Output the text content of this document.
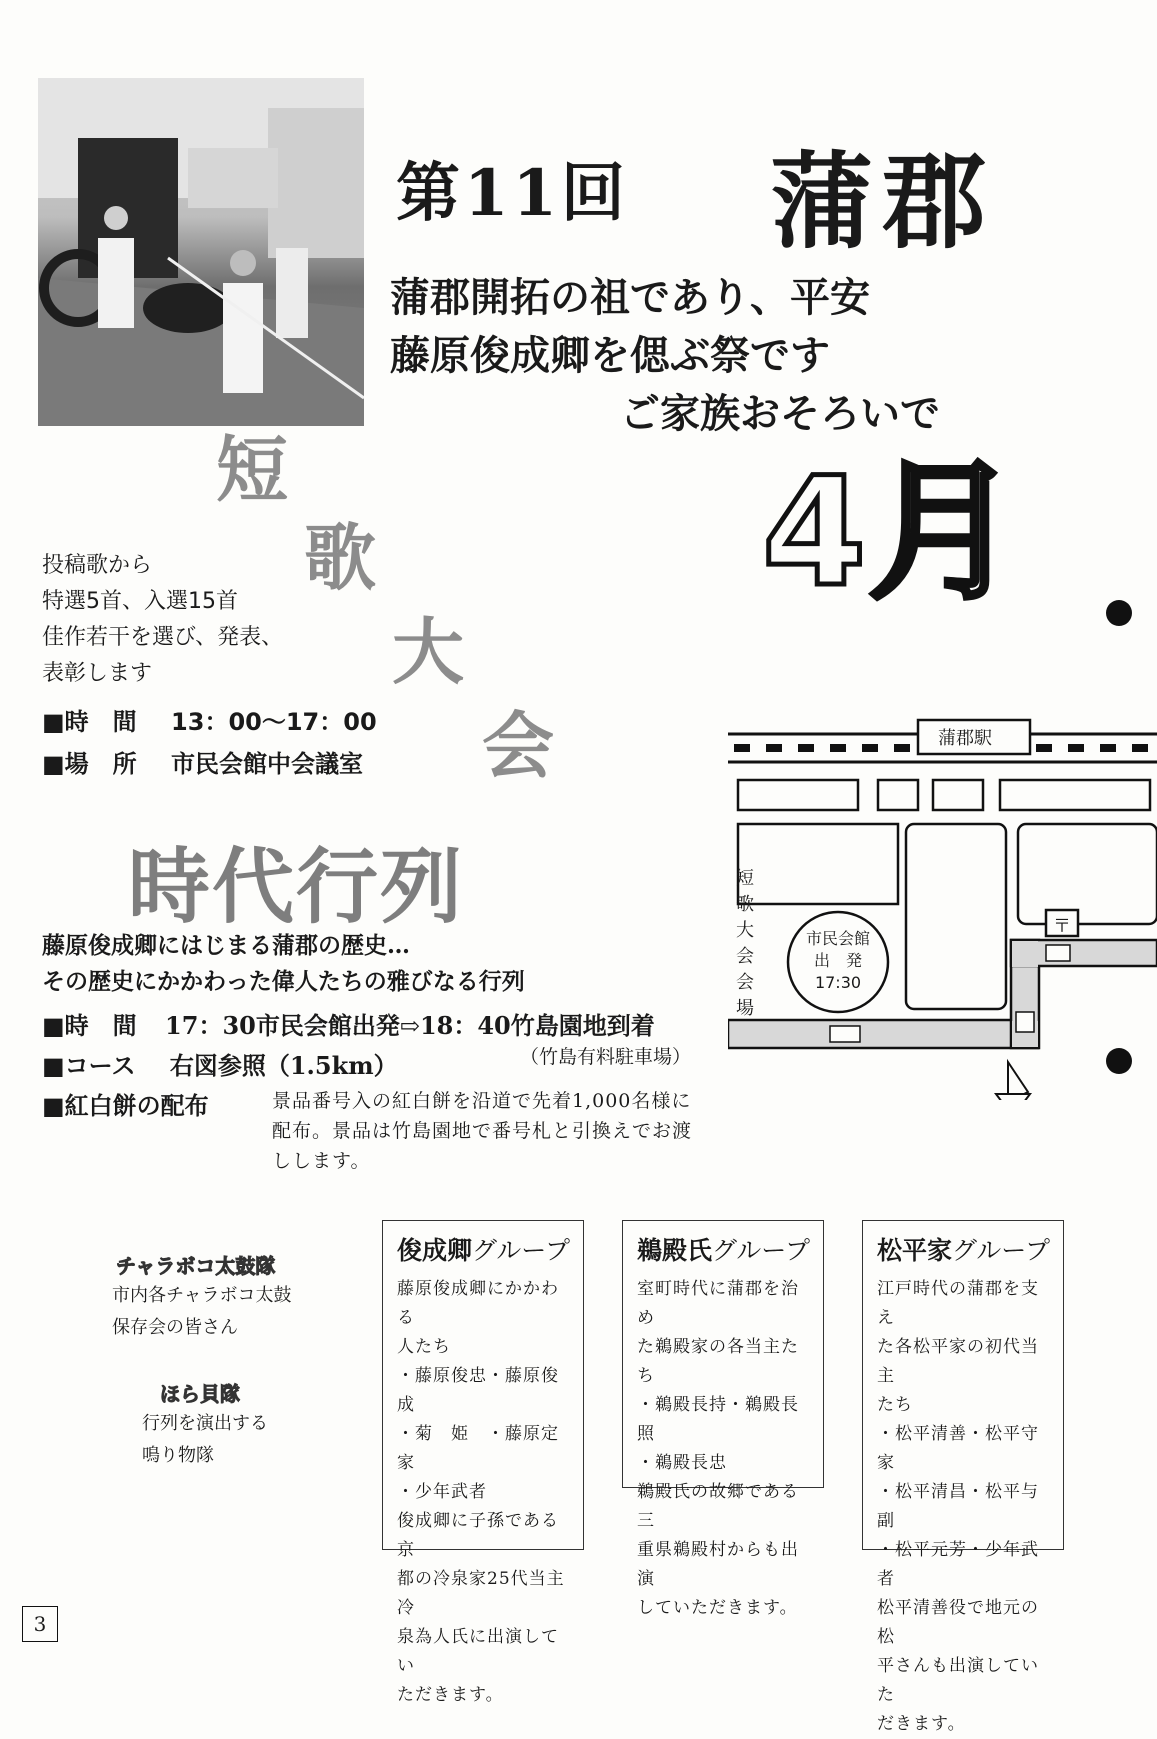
第11回 蒲郡
蒲郡開拓の祖であり、平安
藤原俊成卿を偲ぶ祭です
ご家族おそろいで
4月
短
歌
大
会
投稿歌から
特選5首、入選15首
佳作若干を選び、発表、
表彰します
■時　間 13：00〜17：00
■場　所 市民会館中会議室
時代行列
藤原俊成卿にはじまる蒲郡の歴史…
その歴史にかかわった偉人たちの雅びなる行列
■時　間 17：30市民会館出発⇨18：40竹島園地到着
■コース 右図参照（1.5km）	（竹島有料駐車場）
■紅白餅の配布	景品番号入の紅白餅を沿道で先着1,000名様に配布。景品は竹島園地で番号札と引換えでお渡しします。
蒲郡駅
〒
市民会館
出　発
17:30
短
歌
大
会
会
場
チャラボコ太鼓隊
市内各チャラボコ太鼓
保存会の皆さん
ほら貝隊
行列を演出する
鳴り物隊
俊成卿グループ
藤原俊成卿にかかわる
人たち
・藤原俊忠・藤原俊成
・菊　姫　・藤原定家
・少年武者
俊成卿に子孫である京
都の冷泉家25代当主冷
泉為人氏に出演してい
ただきます。
鵜殿氏グループ
室町時代に蒲郡を治め
た鵜殿家の各当主たち
・鵜殿長持・鵜殿長照
・鵜殿長忠
鵜殿氏の故郷である三
重県鵜殿村からも出演
していただきます。
松平家グループ
江戸時代の蒲郡を支え
た各松平家の初代当主
たち
・松平清善・松平守家
・松平清昌・松平与副
・松平元芳・少年武者
松平清善役で地元の松
平さんも出演していた
だきます。
3
